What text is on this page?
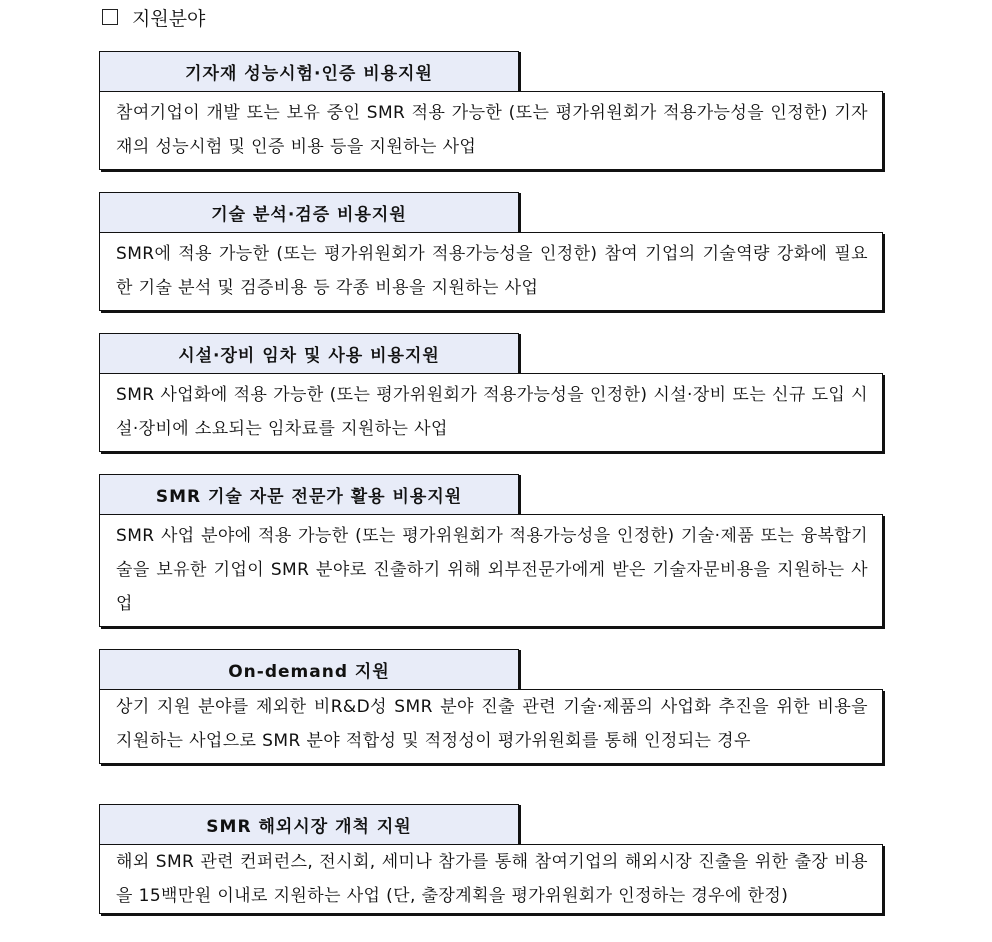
지원분야
기자재 성능시험·인증 비용지원
참여기업이 개발 또는 보유 중인 SMR 적용 가능한 (또는 평가위원회가 적용가능성을 인정한) 기자재의 성능시험 및 인증 비용 등을 지원하는 사업
기술 분석·검증 비용지원
SMR에 적용 가능한 (또는 평가위원회가 적용가능성을 인정한) 참여 기업의 기술역량 강화에 필요한 기술 분석 및 검증비용 등 각종 비용을 지원하는 사업
시설·장비 임차 및 사용 비용지원
SMR 사업화에 적용 가능한 (또는 평가위원회가 적용가능성을 인정한) 시설·장비 또는 신규 도입 시설·장비에 소요되는 임차료를 지원하는 사업
SMR 기술 자문 전문가 활용 비용지원
SMR 사업 분야에 적용 가능한 (또는 평가위원회가 적용가능성을 인정한) 기술·제품 또는 융복합기술을 보유한 기업이 SMR 분야로 진출하기 위해 외부전문가에게 받은 기술자문비용을 지원하는 사업
On-demand 지원
상기 지원 분야를 제외한 비R&D성 SMR 분야 진출 관련 기술·제품의 사업화 추진을 위한 비용을 지원하는 사업으로 SMR 분야 적합성 및 적정성이 평가위원회를 통해 인정되는 경우
SMR 해외시장 개척 지원
해외 SMR 관련 컨퍼런스, 전시회, 세미나 참가를 통해 참여기업의 해외시장 진출을 위한 출장 비용을 15백만원 이내로 지원하는 사업 (단, 출장계획을 평가위원회가 인정하는 경우에 한정)
